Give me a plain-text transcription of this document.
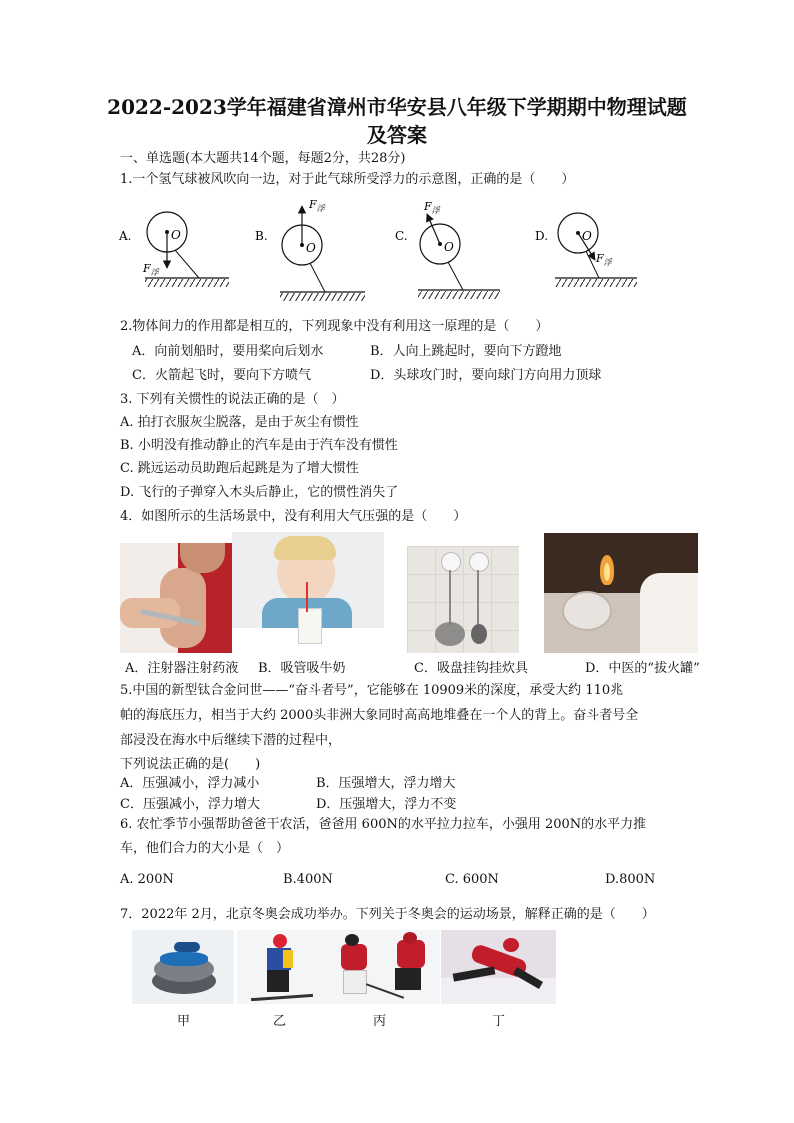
2022-2023学年福建省漳州市华安县八年级下学期期中物理试题
及答案
一、单选题(本大题共14个题，每题2分，共28分)
1.一个氢气球被风吹向一边，对于此气球所受浮力的示意图，正确的是（　　）
A.	O
$F_浮$
B.
O
$F_浮$
C.
O
$F_浮$
D.	O
$F_浮$
2.物体间力的作用都是相互的，下列现象中没有利用这一原理的是（　　）
A．向前划船时，要用桨向后划水	B．人向上跳起时，要向下方蹬地
C．火箭起飞时，要向下方喷气	D．头球攻门时，要向球门方向用力顶球
3. 下列有关惯性的说法正确的是（　）
A. 拍打衣服灰尘脱落，是由于灰尘有惯性
B. 小明没有推动静止的汽车是由于汽车没有惯性
C. 跳远运动员助跑后起跳是为了增大惯性
D. 飞行的子弹穿入木头后静止，它的惯性消失了
4．如图所示的生活场景中，没有利用大气压强的是（　　）
A．注射器注射药液 B．吸管吸牛奶	C．吸盘挂钩挂炊具	D．中医的“拔火罐”
5.中国的新型钛合金问世——“奋斗者号”，它能够在 10909米的深度，承受大约 110兆
帕的海底压力，相当于大约 2000头非洲大象同时高高地堆叠在一个人的背上。奋斗者号全
部浸没在海水中后继续下潜的过程中，
下列说法正确的是(　　)
A．压强减小，浮力减小	B．压强增大，浮力增大
C．压强减小，浮力增大	D．压强增大，浮力不变
6. 农忙季节小强帮助爸爸干农活，爸爸用 600N的水平拉力拉车，小强用 200N的水平力推
车，他们合力的大小是（　）
A. 200N	B.400N	C. 600N	D.800N
7．2022年 2月，北京冬奥会成功举办。下列关于冬奥会的运动场景，解释正确的是（　　）
甲	乙	丙	丁
